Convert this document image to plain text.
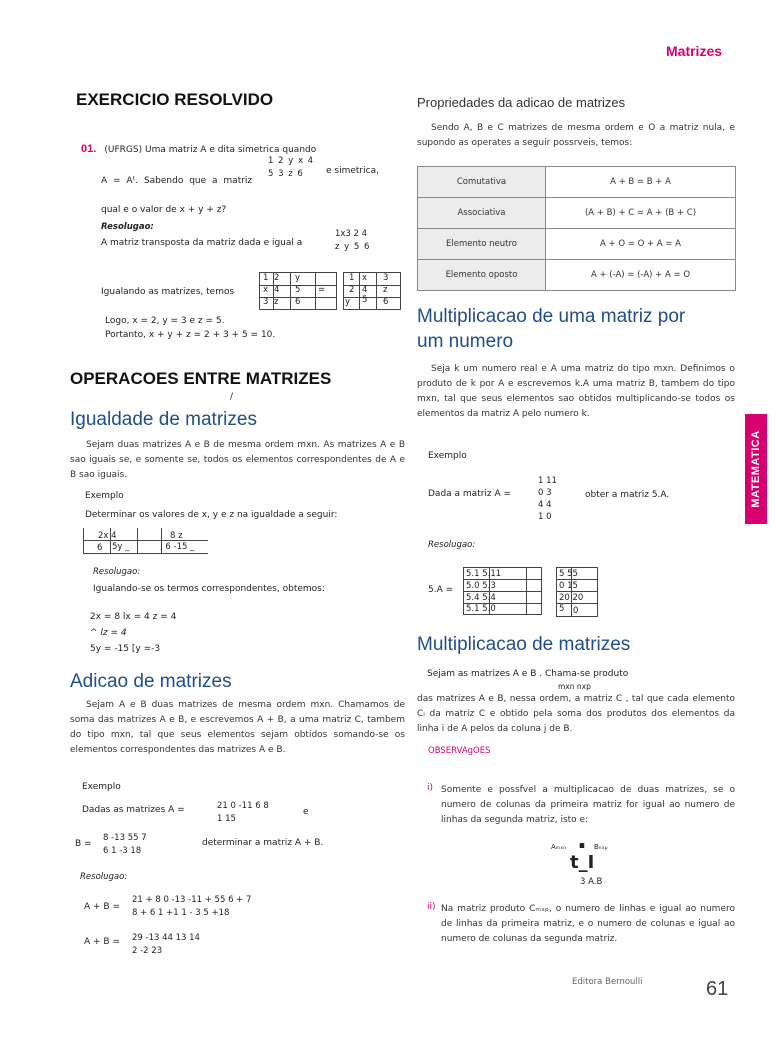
Matrizes
MATEMATICA
EXERCICIO RESOLVIDO
01. (UFRGS) Uma matriz A e dita simetrica quando
1 2 y x 4
5 3 z 6
A = Aᵗ. Sabendo que a matriz
e simetrica,
qual e o valor de x + y + z?
Resolugao:
A matriz transposta da matriz dada e igual a
1x3 2 4
z y 5 6
Igualando as matrizes, temos
1 2 y
x 4 5
3 z 6
=
1 x 3
2 4 z
y 5 6
Logo, x = 2, y = 3 e z = 5.
Portanto, x + y + z = 2 + 3 + 5 = 10.
OPERACOES ENTRE MATRIZES
/
Igualdade de matrizes
Sejam duas matrizes A e B de mesma ordem mxn. As matrizes A e B sao iguais se, e somente se, todos os elementos correspondentes de A e B sao iguais.
Exemplo
Determinar os valores de x, y e z na igualdade a seguir:
2x 4	8 z
6 5y _	, 6 -15 _
Resolugao:
Igualando-se os termos correspondentes, obtemos:
2x = 8 lx = 4 z = 4
^ lz = 4
5y = -15 [y =-3
Adicao de matrizes
Sejam A e B duas matrizes de mesma ordem mxn. Chamamos de soma das matrizes A e B, e escrevemos A + B, a uma matriz C, tambem do tipo mxn, tal que seus elementos sejam obtidos somando-se os elementos correspondentes das matrizes A e B.
Exemplo
Dadas as matrizes A =	21 0 -11 6 8
1 15
e
B =
8 -13 55 7
6 1 -3 18
determinar a matriz A + B.
Resolugao:
A + B =
21 + 8 0 -13 -11 + 55 6 + 7
8 + 6 1 +1 1 - 3 5 +18
A + B = 29 -13 44 13 14
2 -2 23
Propriedades da adicao de matrizes
Sendo A, B e C matrizes de mesma ordem e O a matriz nula, e supondo as operates a seguir possrveis, temos:
Comutativa	A + B = B + A
Associativa	(A + B) + C = A + (B + C)
Elemento neutro	A + O = O + A = A
Elemento oposto	A + (-A) = (-A) + A = O
Multiplicacao de uma matriz por
um numero
Seja k um numero real e A uma matriz do tipo mxn. Definimos o produto de k por A e escrevemos k.A uma matriz B, tambem do tipo mxn, tal que seus elementos sao obtidos multiplicando-se todos os elementos da matriz A pelo numero k.
Exemplo
Dada a matriz A =
1 11
0 3
4 4
1 0
obter a matriz 5.A.
Resolugao:
5.A =
5.1 5.11
5.0 5.3
5.4 5.4
5.1 5.0
5 55
0 15
20 20
5 0
Multiplicacao de matrizes
Sejam as matrizes A e B . Chama-se produto
mxn nxp
das matrizes A e B, nessa ordem, a matriz C , tal que cada elemento Cᵢ da matriz C e obtido pela soma dos produtos dos elementos da linha i de A pelos da coluna j de B.
OBSERVAgOES
i) Somente e possfvel a multiplicacao de duas matrizes, se o numero de colunas da primeira matriz for igual ao numero de linhas da segunda matriz, isto e:
Aₘₓₙ . Bₙₓₚ
t_I
3 A.B
ii) Na matriz produto Cₘₓₚ, o numero de linhas e igual ao numero de linhas da primeira matriz, e o numero de colunas e igual ao numero de colunas da segunda matriz.
Editora Bernoulli	61
